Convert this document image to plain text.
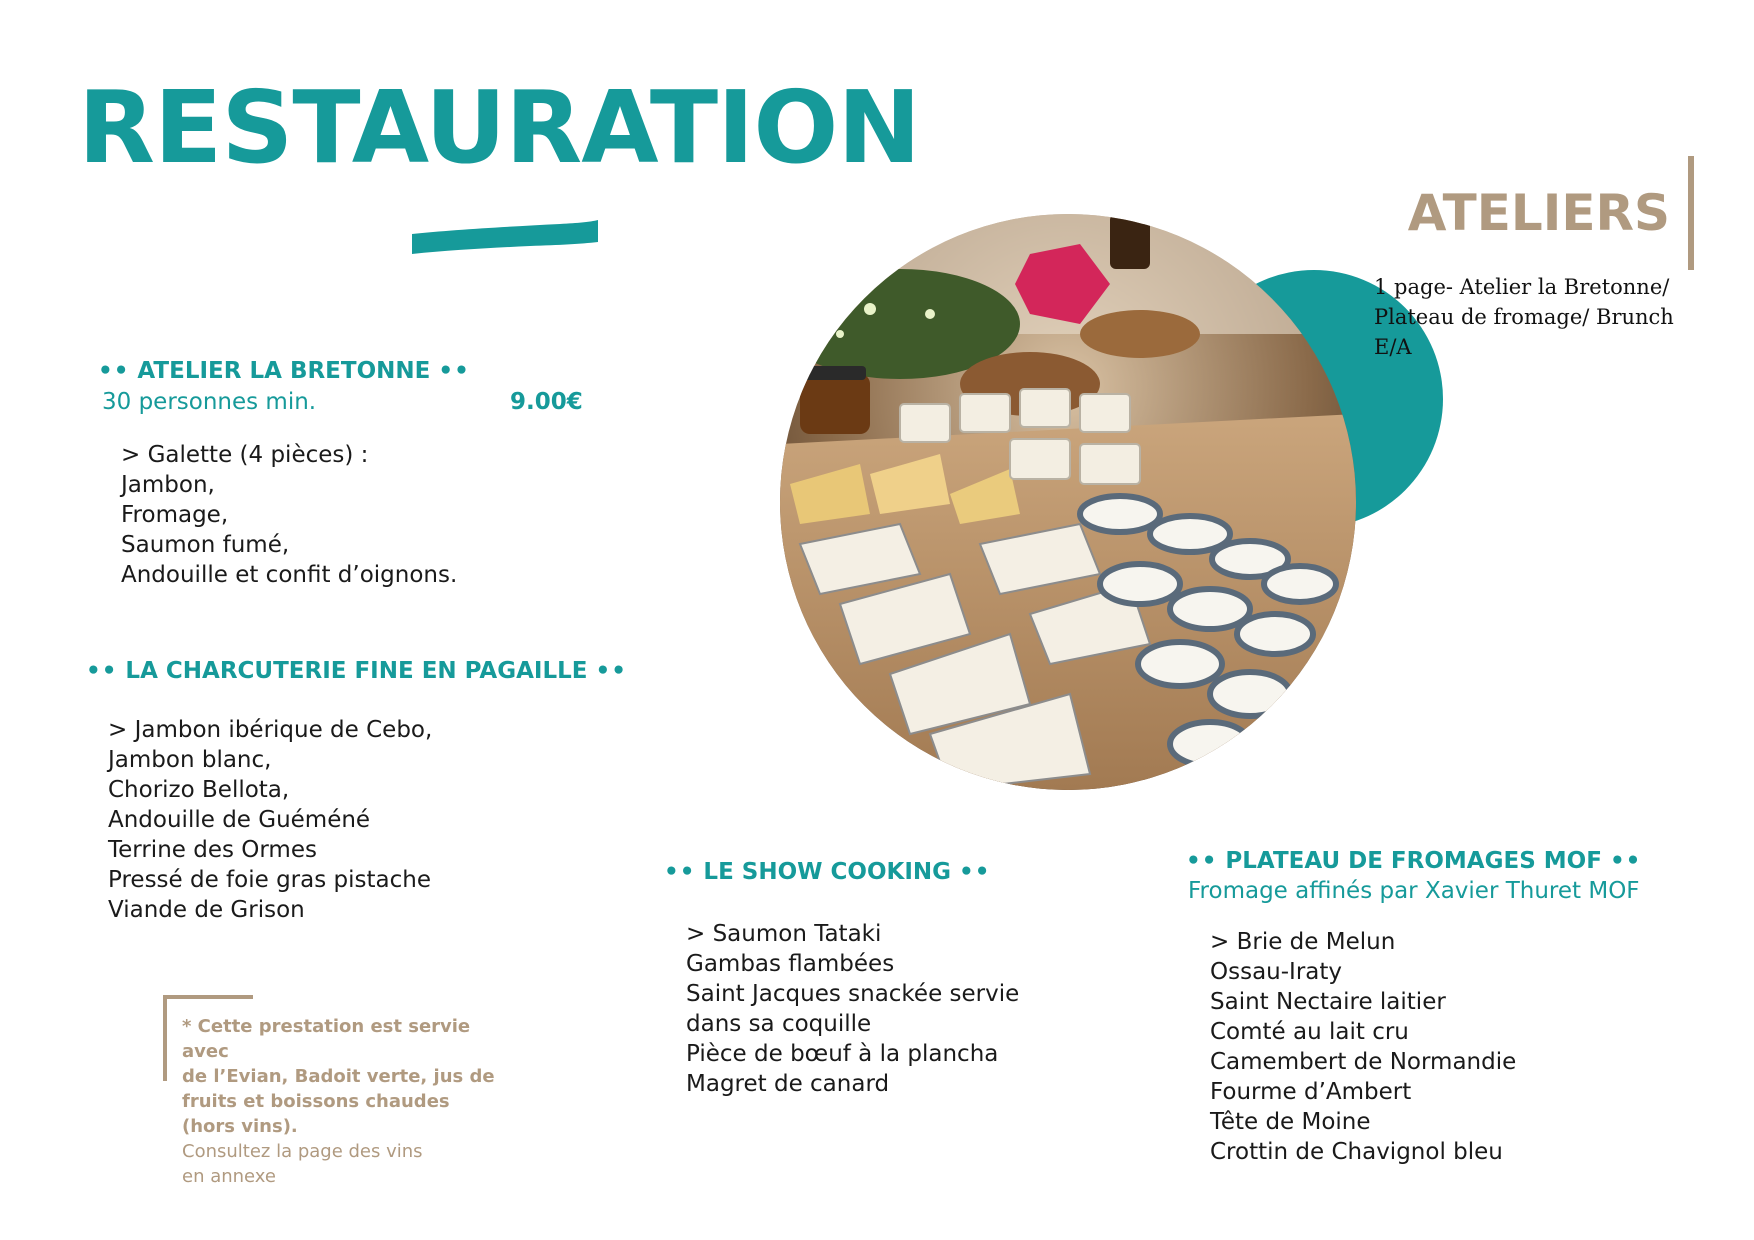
RESTAURATION
ATELIERS
1 page- Atelier la Bretonne/
Plateau de fromage/ Brunch
E/A
•• ATELIER LA BRETONNE ••
30 personnes min.	9.00€
> Galette (4 pièces) :
Jambon,
Fromage,
Saumon fumé,
Andouille et confit d’oignons.
•• LA CHARCUTERIE FINE EN PAGAILLE ••
> Jambon ibérique de Cebo,
Jambon blanc,
Chorizo Bellota,
Andouille de Guéméné
Terrine des Ormes
Pressé de foie gras pistache
Viande de Grison
* Cette prestation est servie avec
de l’Evian, Badoit verte, jus de
fruits et boissons chaudes
(hors vins).
Consultez la page des vins
en annexe
•• LE SHOW COOKING ••
> Saumon Tataki
Gambas flambées
Saint Jacques snackée servie
dans sa coquille
Pièce de bœuf à la plancha
Magret de canard
•• PLATEAU DE FROMAGES MOF ••
Fromage affinés par Xavier Thuret MOF
> Brie de Melun
Ossau-Iraty
Saint Nectaire laitier
Comté au lait cru
Camembert de Normandie
Fourme d’Ambert
Tête de Moine
Crottin de Chavignol bleu
